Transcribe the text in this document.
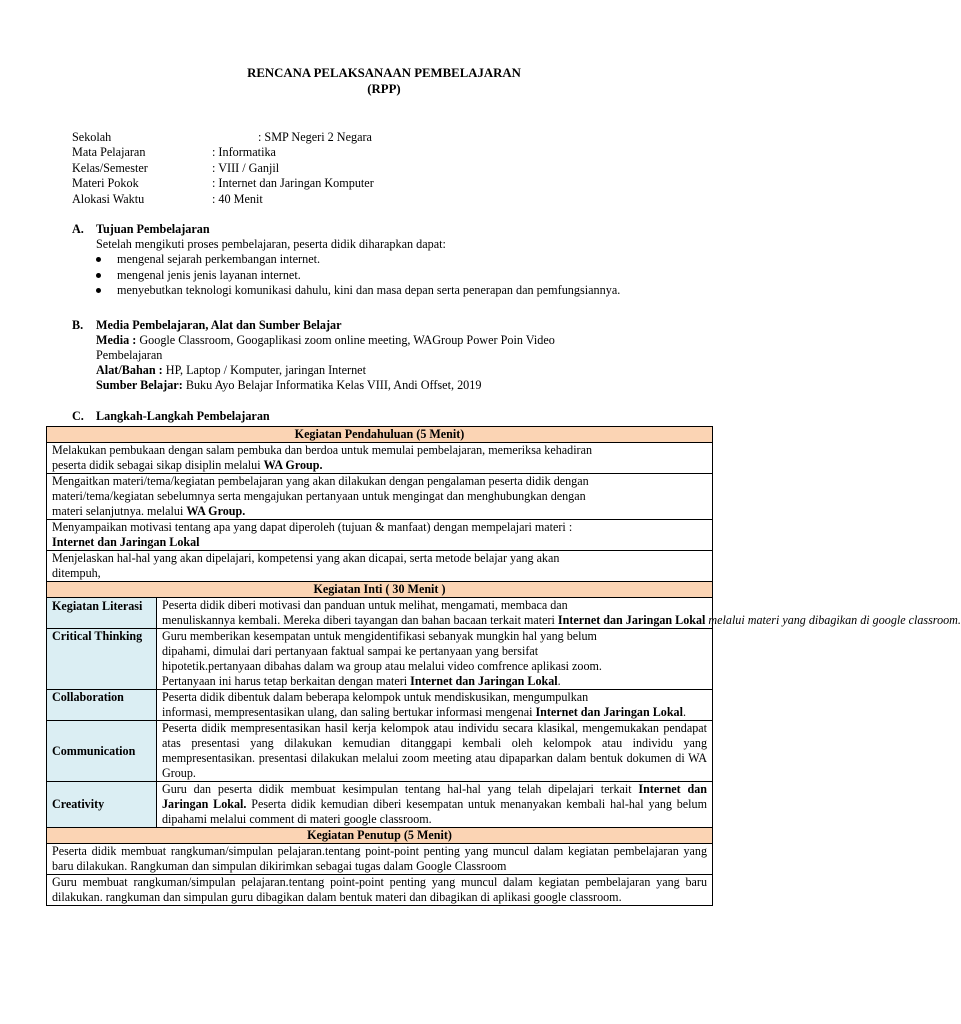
RENCANA PELAKSANAAN PEMBELAJARAN
(RPP)
Sekolah	: SMP Negeri 2 Negara
Mata Pelajaran	: Informatika
Kelas/Semester	: VIII / Ganjil
Materi Pokok	: Internet dan Jaringan Komputer
Alokasi Waktu	: 40 Menit
A. Tujuan Pembelajaran
Setelah mengikuti proses pembelajaran, peserta didik diharapkan dapat:
mengenal sejarah perkembangan internet.
mengenal jenis jenis layanan internet.
menyebutkan teknologi komunikasi dahulu, kini dan masa depan serta penerapan dan pemfungsiannya.
B. Media Pembelajaran, Alat dan Sumber Belajar
Media : Google Classroom, Googaplikasi zoom online meeting, WAGroup Power Poin Video
Pembelajaran
Alat/Bahan : HP, Laptop / Komputer, jaringan Internet
Sumber Belajar: Buku Ayo Belajar Informatika Kelas VIII, Andi Offset, 2019
C. Langkah-Langkah Pembelajaran
Kegiatan Pendahuluan (5 Menit)	

Melakukan pembukaan dengan salam pembuka dan berdoa untuk memulai pembelajaran, memeriksa kehadiran
peserta didik sebagai sikap disiplin melalui WA Group.	

Mengaitkan materi/tema/kegiatan pembelajaran yang akan dilakukan dengan pengalaman peserta didik dengan
materi/tema/kegiatan sebelumnya serta mengajukan pertanyaan untuk mengingat dan menghubungkan dengan
materi selanjutnya. melalui WA Group.	

Menyampaikan motivasi tentang apa yang dapat diperoleh (tujuan & manfaat) dengan mempelajari materi :
Internet dan Jaringan Lokal	

Menjelaskan hal-hal yang akan dipelajari, kompetensi yang akan dicapai, serta metode belajar yang akan
ditempuh,	

Kegiatan Inti ( 30 Menit )	
Kegiatan Literasi	Peserta didik diberi motivasi dan panduan untuk melihat, mengamati, membaca dan
menuliskannya kembali. Mereka diberi tayangan dan bahan bacaan terkait materi Internet dan Jaringan Lokal melalui materi yang dibagikan di google classroom.

Critical Thinking	Guru memberikan kesempatan untuk mengidentifikasi sebanyak mungkin hal yang belum
dipahami, dimulai dari pertanyaan faktual sampai ke pertanyaan yang bersifat
hipotetik.pertanyaan dibahas dalam wa group atau melalui video comfrence aplikasi zoom.
Pertanyaan ini harus tetap berkaitan dengan materi Internet dan Jaringan Lokal.

Collaboration	Peserta didik dibentuk dalam beberapa kelompok untuk mendiskusikan, mengumpulkan
informasi, mempresentasikan ulang, dan saling bertukar informasi mengenai Internet dan Jaringan Lokal.

Communication	Peserta didik mempresentasikan hasil kerja kelompok atau individu secara klasikal, mengemukakan pendapat atas presentasi yang dilakukan kemudian ditanggapi kembali oleh kelompok atau individu yang mempresentasikan. presentasi dilakukan melalui zoom meeting atau dipaparkan dalam bentuk dokumen di WA Group.
Creativity	Guru dan peserta didik membuat kesimpulan tentang hal-hal yang telah dipelajari terkait Internet dan Jaringan Lokal. Peserta didik kemudian diberi kesempatan untuk menanyakan kembali hal-hal yang belum dipahami melalui comment di materi google classroom.
Kegiatan Penutup (5 Menit)	
Peserta didik membuat rangkuman/simpulan pelajaran.tentang point-point penting yang muncul dalam kegiatan pembelajaran yang baru dilakukan. Rangkuman dan simpulan dikirimkan sebagai tugas dalam Google Classroom	
Guru membuat rangkuman/simpulan pelajaran.tentang point-point penting yang muncul dalam kegiatan pembelajaran yang baru dilakukan. rangkuman dan simpulan guru dibagikan dalam bentuk materi dan dibagikan di aplikasi google classroom.	
